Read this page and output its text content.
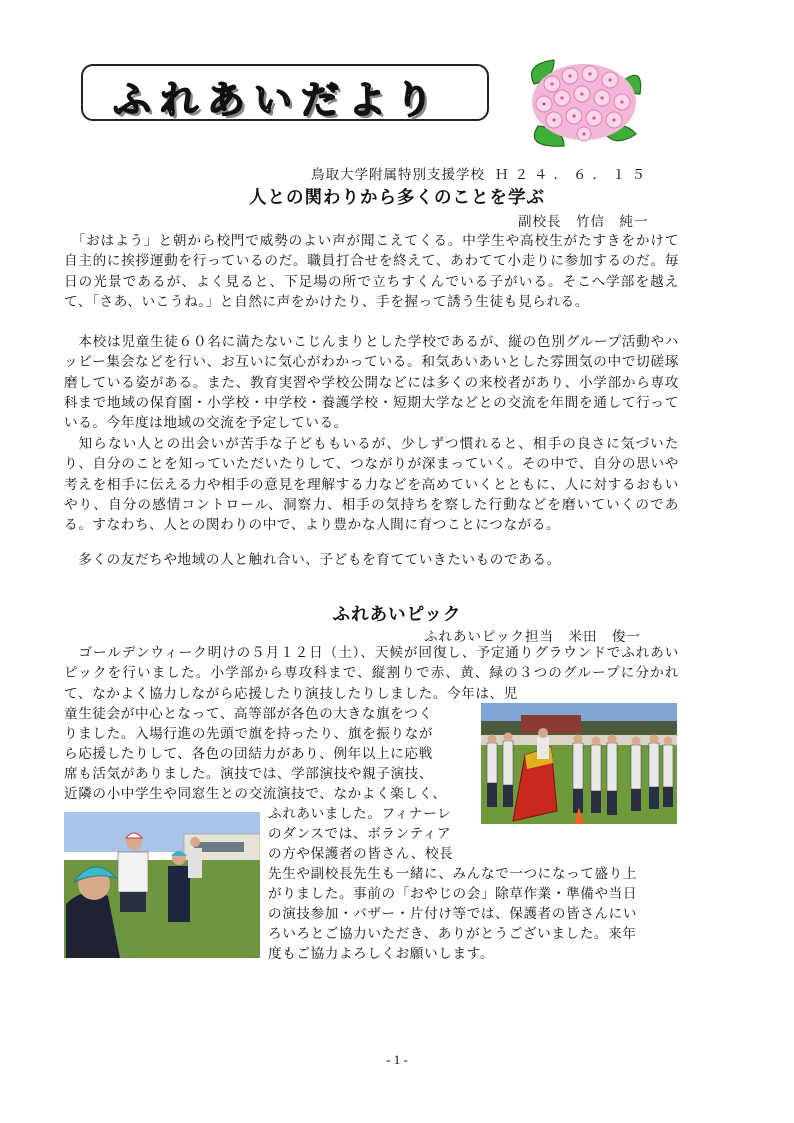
ふれあいだより
鳥取大学附属特別支援学校 Ｈ２４．６．１５
人との関わりから多くのことを学ぶ
副校長　竹信　純一

　「おはよう」と朝から校門で威勢のよい声が聞こえてくる。中学生や高校生がたすきをかけて自主的に挨拶運動を行っているのだ。職員打合せを終えて、あわてて小走りに参加するのだ。毎日の光景であるが、よく見ると、下足場の所で立ちすくんでいる子がいる。そこへ学部を越えて、「さあ、いこうね。」と自然に声をかけたり、手を握って誘う生徒も見られる。

　本校は児童生徒６０名に満たないこじんまりとした学校であるが、縦の色別グループ活動やハッピー集会などを行い、お互いに気心がわかっている。和気あいあいとした雰囲気の中で切磋琢磨している姿がある。また、教育実習や学校公開などには多くの来校者があり、小学部から専攻科まで地域の保育園・小学校・中学校・養護学校・短期大学などとの交流を年間を通して行っている。今年度は地域の交流を予定している。

　知らない人との出会いが苦手な子どももいるが、少しずつ慣れると、相手の良さに気づいたり、自分のことを知っていただいたりして、つながりが深まっていく。その中で、自分の思いや考えを相手に伝える力や相手の意見を理解する力などを高めていくとともに、人に対するおもいやり、自分の感情コントロール、洞察力、相手の気持ちを察した行動などを磨いていくのである。すなわち、人との関わりの中で、より豊かな人間に育つことにつながる。

　多くの友だちや地域の人と触れ合い、子どもを育てていきたいものである。

ふれあいピック
ふれあいピック担当　米田　俊一

　ゴールデンウィーク明けの５月１２日（土）、天候が回復し、予定通りグラウンドでふれあいピックを行いました。小学部から専攻科まで、縦割りで赤、黄、緑の３つのグループに分かれて、なかよく協力しながら応援したり演技したりしました。今年は、児

童生徒会が中心となって、高等部が各色の大きな旗をつく
りました。入場行進の先頭で旗を持ったり、旗を振りなが
ら応援したりして、各色の団結力があり、例年以上に応戦
席も活気がありました。演技では、学部演技や親子演技、
近隣の小中学生や同窓生との交流演技で、なかよく楽しく、
ふれあいました。フィナーレ
のダンスでは、ボランティア
の方や保護者の皆さん、校長
先生や副校長先生も一緒に、みんなで一つになって盛り上
がりました。事前の「おやじの会」除草作業・準備や当日
の演技参加・バザー・片付け等では、保護者の皆さんにい
ろいろとご協力いただき、ありがとうございました。来年
度もご協力よろしくお願いします。
- 1 -
